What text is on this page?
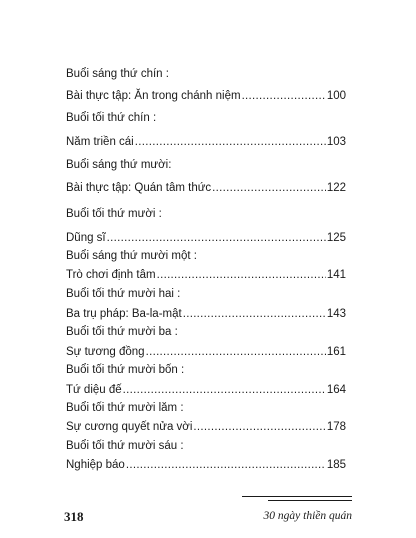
Buổi sáng thứ chín :
Bài thực tập: Ăn trong chánh niệm .....	100
Buổi tối thứ chín :
Năm triền cái .....	103
Buổi sáng thứ mười:
Bài thực tập: Quán tâm thức .....	122
Buổi tối thứ mười :
Dũng sĩ .....	125
Buổi sáng thứ mười một :
Trò chơi định tâm .....	141
Buổi tối thứ mười hai :
Ba trụ pháp: Ba-la-mật .....	143
Buổi tối thứ mười ba :
Sự tương đồng .....	161
Buổi tối thứ mười bốn :
Tứ diệu đế .....	164
Buổi tối thứ mười lăm :
Sự cương quyết nửa vời .....	178
Buổi tối thứ mười sáu :
Nghiệp báo .....	185
318	30 ngày thiền quán
